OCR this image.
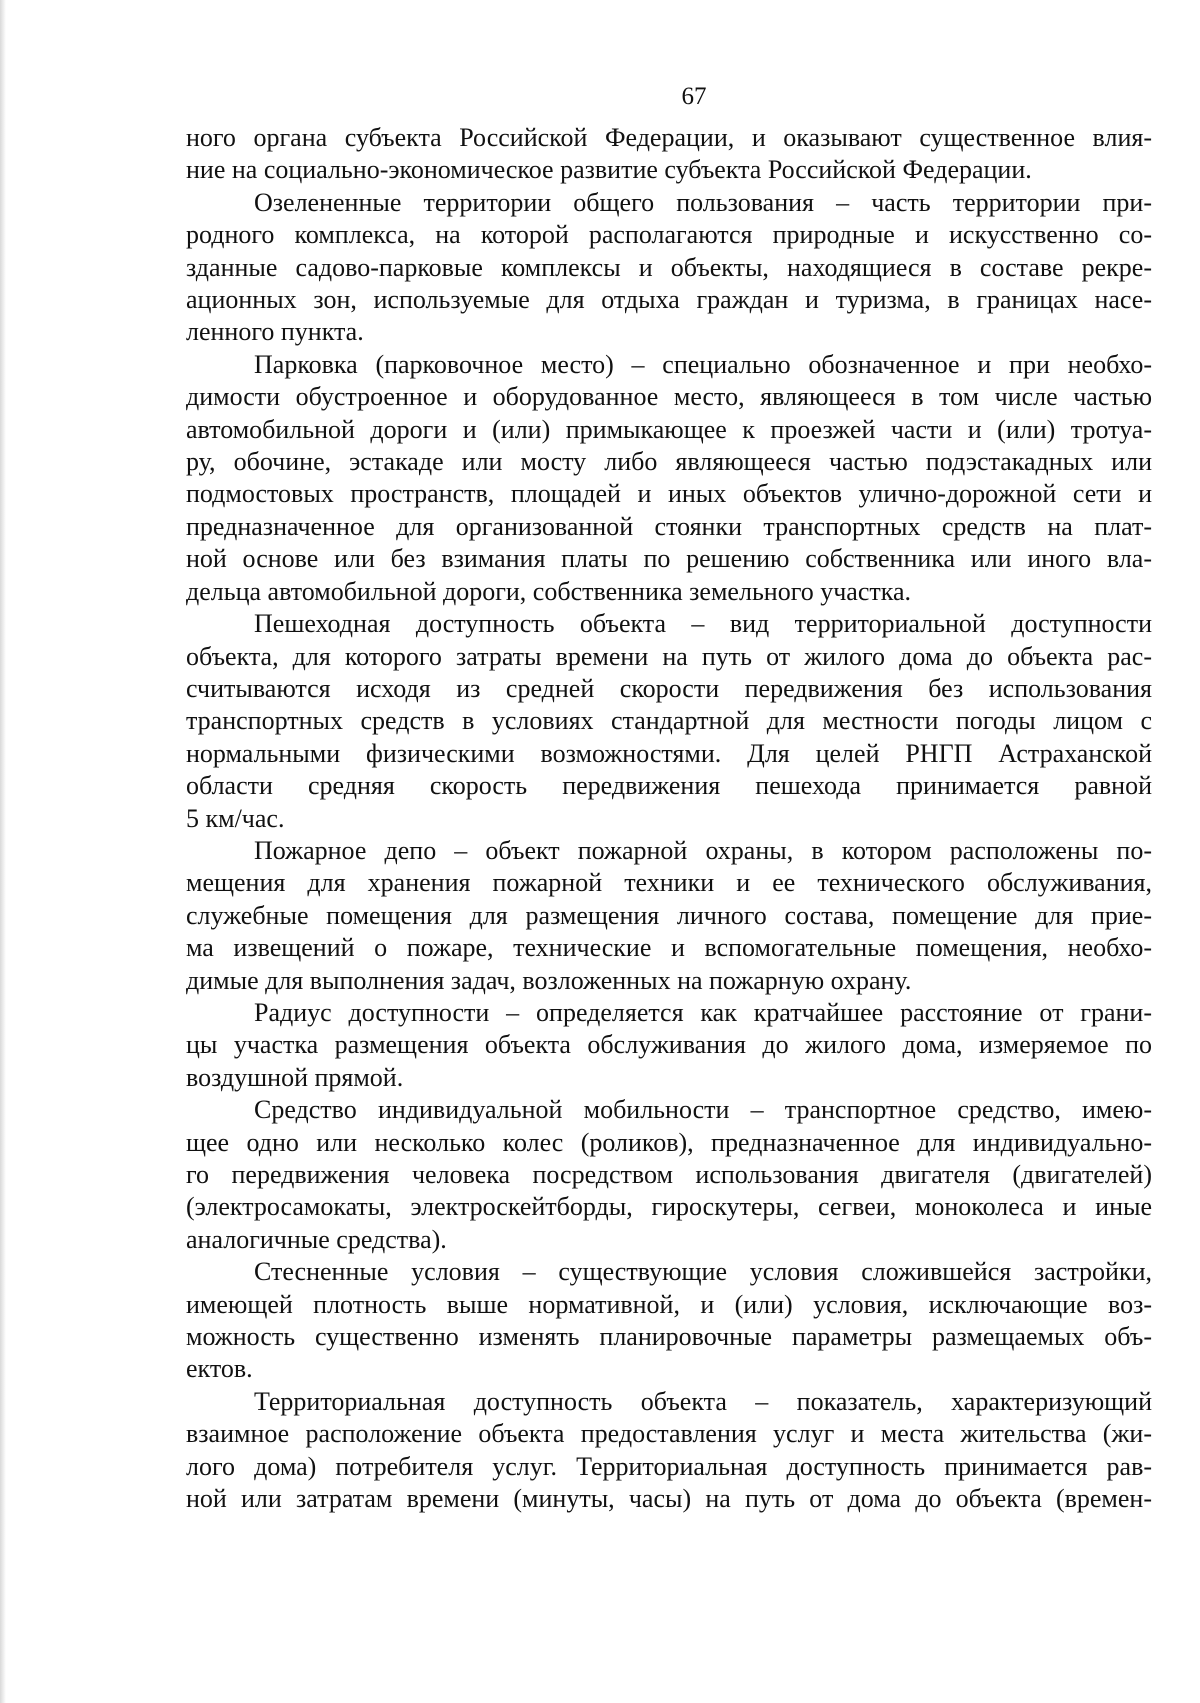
67

ного органа субъекта Российской Федерации, и оказывают существенное влия-
ние на социально-экономическое развитие субъекта Российской Федерации.

Озелененные территории общего пользования – часть территории при-
родного комплекса, на которой располагаются природные и искусственно со-
зданные садово-парковые комплексы и объекты, находящиеся в составе рекре-
ационных зон, используемые для отдыха граждан и туризма, в границах насе-
ленного пункта.

Парковка (парковочное место) – специально обозначенное и при необхо-
димости обустроенное и оборудованное место, являющееся в том числе частью
автомобильной дороги и (или) примыкающее к проезжей части и (или) тротуа-
ру, обочине, эстакаде или мосту либо являющееся частью подэстакадных или
подмостовых пространств, площадей и иных объектов улично-дорожной сети и
предназначенное для организованной стоянки транспортных средств на плат-
ной основе или без взимания платы по решению собственника или иного вла-
дельца автомобильной дороги, собственника земельного участка.

Пешеходная доступность объекта – вид территориальной доступности
объекта, для которого затраты времени на путь от жилого дома до объекта рас-
считываются исходя из средней скорости передвижения без использования
транспортных средств в условиях стандартной для местности погоды лицом с
нормальными физическими возможностями. Для целей РНГП Астраханской
области средняя скорость передвижения пешехода принимается равной
5 км/час.

Пожарное депо – объект пожарной охраны, в котором расположены по-
мещения для хранения пожарной техники и ее технического обслуживания,
служебные помещения для размещения личного состава, помещение для прие-
ма извещений о пожаре, технические и вспомогательные помещения, необхо-
димые для выполнения задач, возложенных на пожарную охрану.

Радиус доступности – определяется как кратчайшее расстояние от грани-
цы участка размещения объекта обслуживания до жилого дома, измеряемое по
воздушной прямой.

Средство индивидуальной мобильности – транспортное средство, имею-
щее одно или несколько колес (роликов), предназначенное для индивидуально-
го передвижения человека посредством использования двигателя (двигателей)
(электросамокаты, электроскейтборды, гироскутеры, сегвеи, моноколеса и иные
аналогичные средства).

Стесненные условия – существующие условия сложившейся застройки,
имеющей плотность выше нормативной, и (или) условия, исключающие воз-
можность существенно изменять планировочные параметры размещаемых объ-
ектов.

Территориальная доступность объекта – показатель, характеризующий
взаимное расположение объекта предоставления услуг и места жительства (жи-
лого дома) потребителя услуг. Территориальная доступность принимается рав-
ной или затратам времени (минуты, часы) на путь от дома до объекта (времен-
